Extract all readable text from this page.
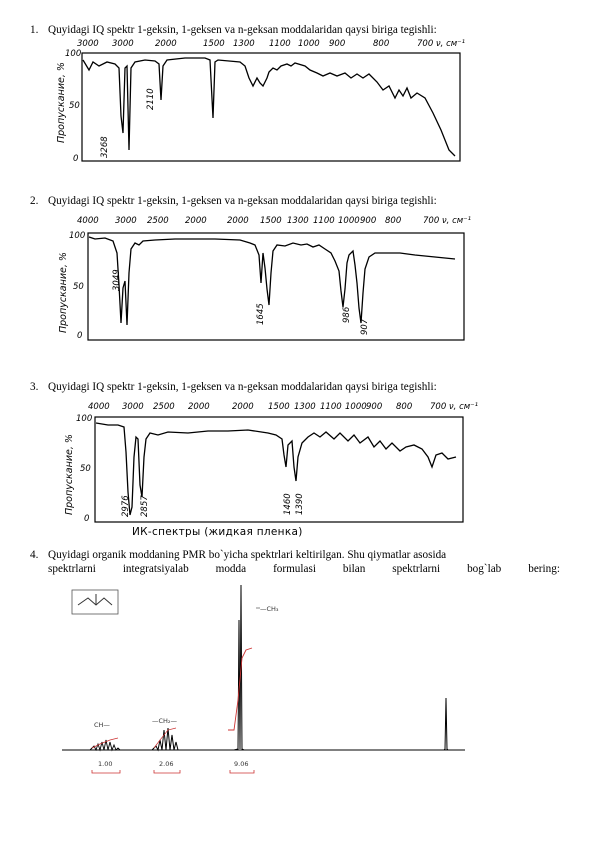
1. Quyidagi IQ spektr 1-geksin, 1-geksen va n-geksan moddalaridan qaysi biriga tegishli:
3000 3000	2000	1500 1300 1100 1000 900	800	700 ν, см⁻¹
100
50
0
Пропускание, %
3268
2110
2. Quyidagi IQ spektr 1-geksin, 1-geksen va n-geksan moddalaridan qaysi biriga tegishli:
4000 3000 2500 2000 2000 1500 1300 1100 1000 900 800	700 ν, см⁻¹
100
50
0
Пропускание, %	3049
1645	986
907
3. Quyidagi IQ spektr 1-geksin, 1-geksen va n-geksan moddalaridan qaysi biriga tegishli:
4000 3000 2500 2000	2000 1500 1300 1100 1000 900 800 700 ν, см⁻¹
100
50
0
Пропускание, %	2976 2857	1460 1390
ИК-спектры (жидкая пленка)
4. Quyidagi organik moddaning PMR bo`yicha spektrlari keltirilgan. Shu qiymatlar asosida
spektrlarni integratsiyalab modda formulasi bilan spektrlarni bog`lab bering:
—CH₃
—CH₂—
CH—
1.00	2.06	9.06
